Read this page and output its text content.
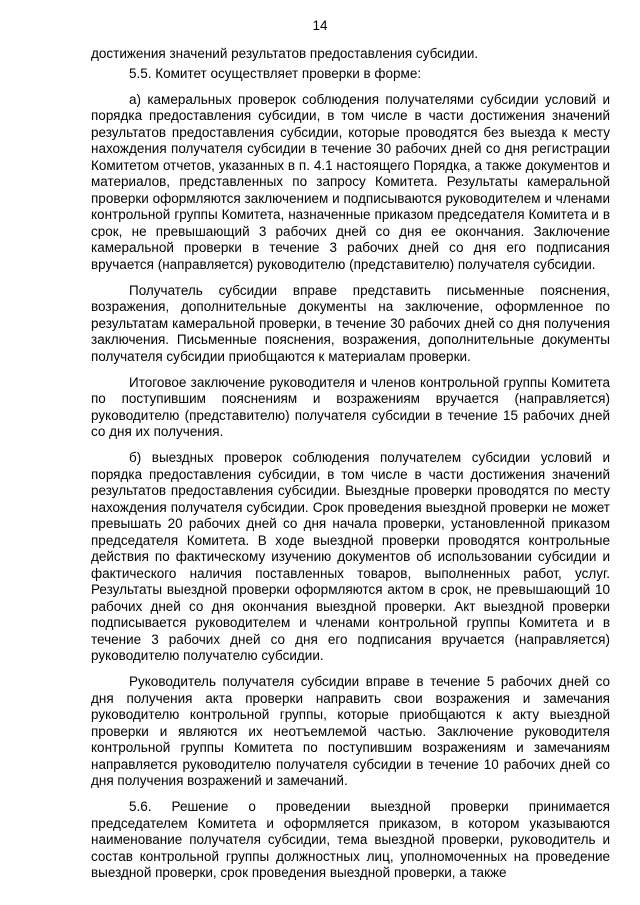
14

достижения значений результатов предоставления субсидии.

5.5. Комитет осуществляет проверки в форме:

а) камеральных проверок соблюдения получателями субсидии условий и порядка предоставления субсидии, в том числе в части достижения значений результатов предоставления субсидии, которые проводятся без выезда к месту нахождения получателя субсидии в течение 30 рабочих дней со дня регистрации Комитетом отчетов, указанных в п. 4.1 настоящего Порядка, а также документов и материалов, представленных по запросу Комитета. Результаты камеральной проверки оформляются заключением и подписываются руководителем и членами контрольной группы Комитета, назначенные приказом председателя Комитета и в срок, не превышающий 3 рабочих дней со дня ее окончания. Заключение камеральной проверки в течение 3 рабочих дней со дня его подписания вручается (направляется) руководителю (представителю) получателя субсидии.

Получатель субсидии вправе представить письменные пояснения, возражения, дополнительные документы на заключение, оформленное по результатам камеральной проверки, в течение 30 рабочих дней со дня получения заключения. Письменные пояснения, возражения, дополнительные документы получателя субсидии приобщаются к материалам проверки.

Итоговое заключение руководителя и членов контрольной группы Комитета по поступившим пояснениям и возражениям вручается (направляется) руководителю (представителю) получателя субсидии в течение 15 рабочих дней со дня их получения.

б) выездных проверок соблюдения получателем субсидии условий и порядка предоставления субсидии, в том числе в части достижения значений результатов предоставления субсидии. Выездные проверки проводятся по месту нахождения получателя субсидии. Срок проведения выездной проверки не может превышать 20 рабочих дней со дня начала проверки, установленной приказом председателя Комитета. В ходе выездной проверки проводятся контрольные действия по фактическому изучению документов об использовании субсидии и фактического наличия поставленных товаров, выполненных работ, услуг. Результаты выездной проверки оформляются актом в срок, не превышающий 10 рабочих дней со дня окончания выездной проверки. Акт выездной проверки подписывается руководителем и членами контрольной группы Комитета и в течение 3 рабочих дней со дня его подписания вручается (направляется) руководителю получателю субсидии.

Руководитель получателя субсидии вправе в течение 5 рабочих дней со дня получения акта проверки направить свои возражения и замечания руководителю контрольной группы, которые приобщаются к акту выездной проверки и являются их неотъемлемой частью. Заключение руководителя контрольной группы Комитета по поступившим возражениям и замечаниям направляется руководителю получателя субсидии в течение 10 рабочих дней со дня получения возражений и замечаний.

5.6. Решение о проведении выездной проверки принимается председателем Комитета и оформляется приказом, в котором указываются наименование получателя субсидии, тема выездной проверки, руководитель и состав контрольной группы должностных лиц, уполномоченных на проведение выездной проверки, срок проведения выездной проверки, а также
